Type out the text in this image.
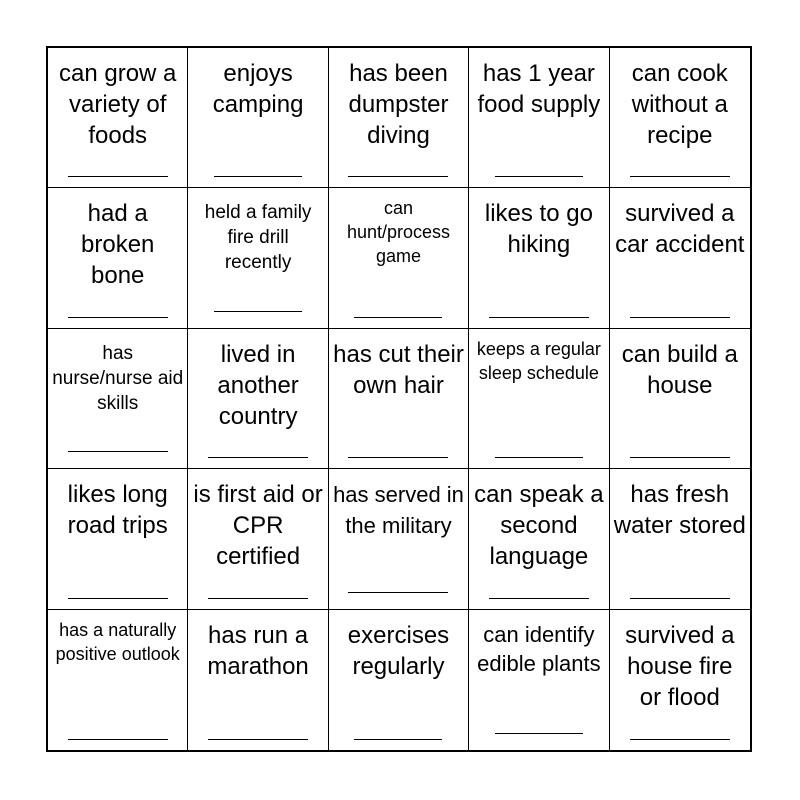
can grow a variety of foods
enjoys camping
has been dumpster diving
has 1 year food supply
can cook without a recipe
had a broken bone
held a family fire drill recently
can hunt/process game
likes to go hiking
survived a car accident
has nurse/nurse aid skills
lived in another country
has cut their own hair
keeps a regular sleep schedule
can build a house
likes long road trips
is first aid or CPR certified
has served in the military
can speak a second language
has fresh water stored
has a naturally positive outlook
has run a marathon
exercises regularly
can identify edible plants
survived a house fire or flood
